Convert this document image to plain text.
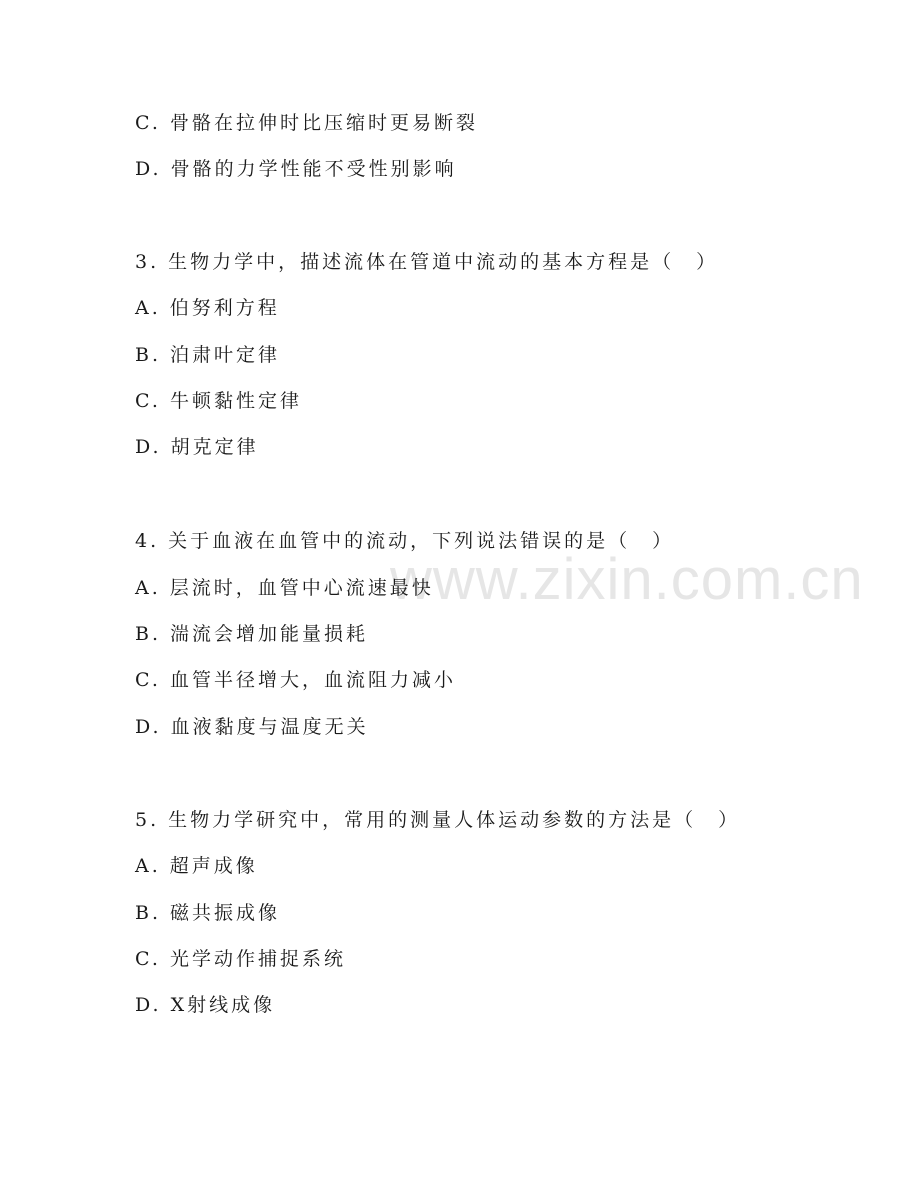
www.zixin.com.cn
C. 骨骼在拉伸时比压缩时更易断裂
D. 骨骼的力学性能不受性别影响
3. 生物力学中，描述流体在管道中流动的基本方程是（　）
A. 伯努利方程
B. 泊肃叶定律
C. 牛顿黏性定律
D. 胡克定律
4. 关于血液在血管中的流动，下列说法错误的是（　）
A. 层流时，血管中心流速最快
B. 湍流会增加能量损耗
C. 血管半径增大，血流阻力减小
D. 血液黏度与温度无关
5. 生物力学研究中，常用的测量人体运动参数的方法是（　）
A. 超声成像
B. 磁共振成像
C. 光学动作捕捉系统
D. X射线成像
